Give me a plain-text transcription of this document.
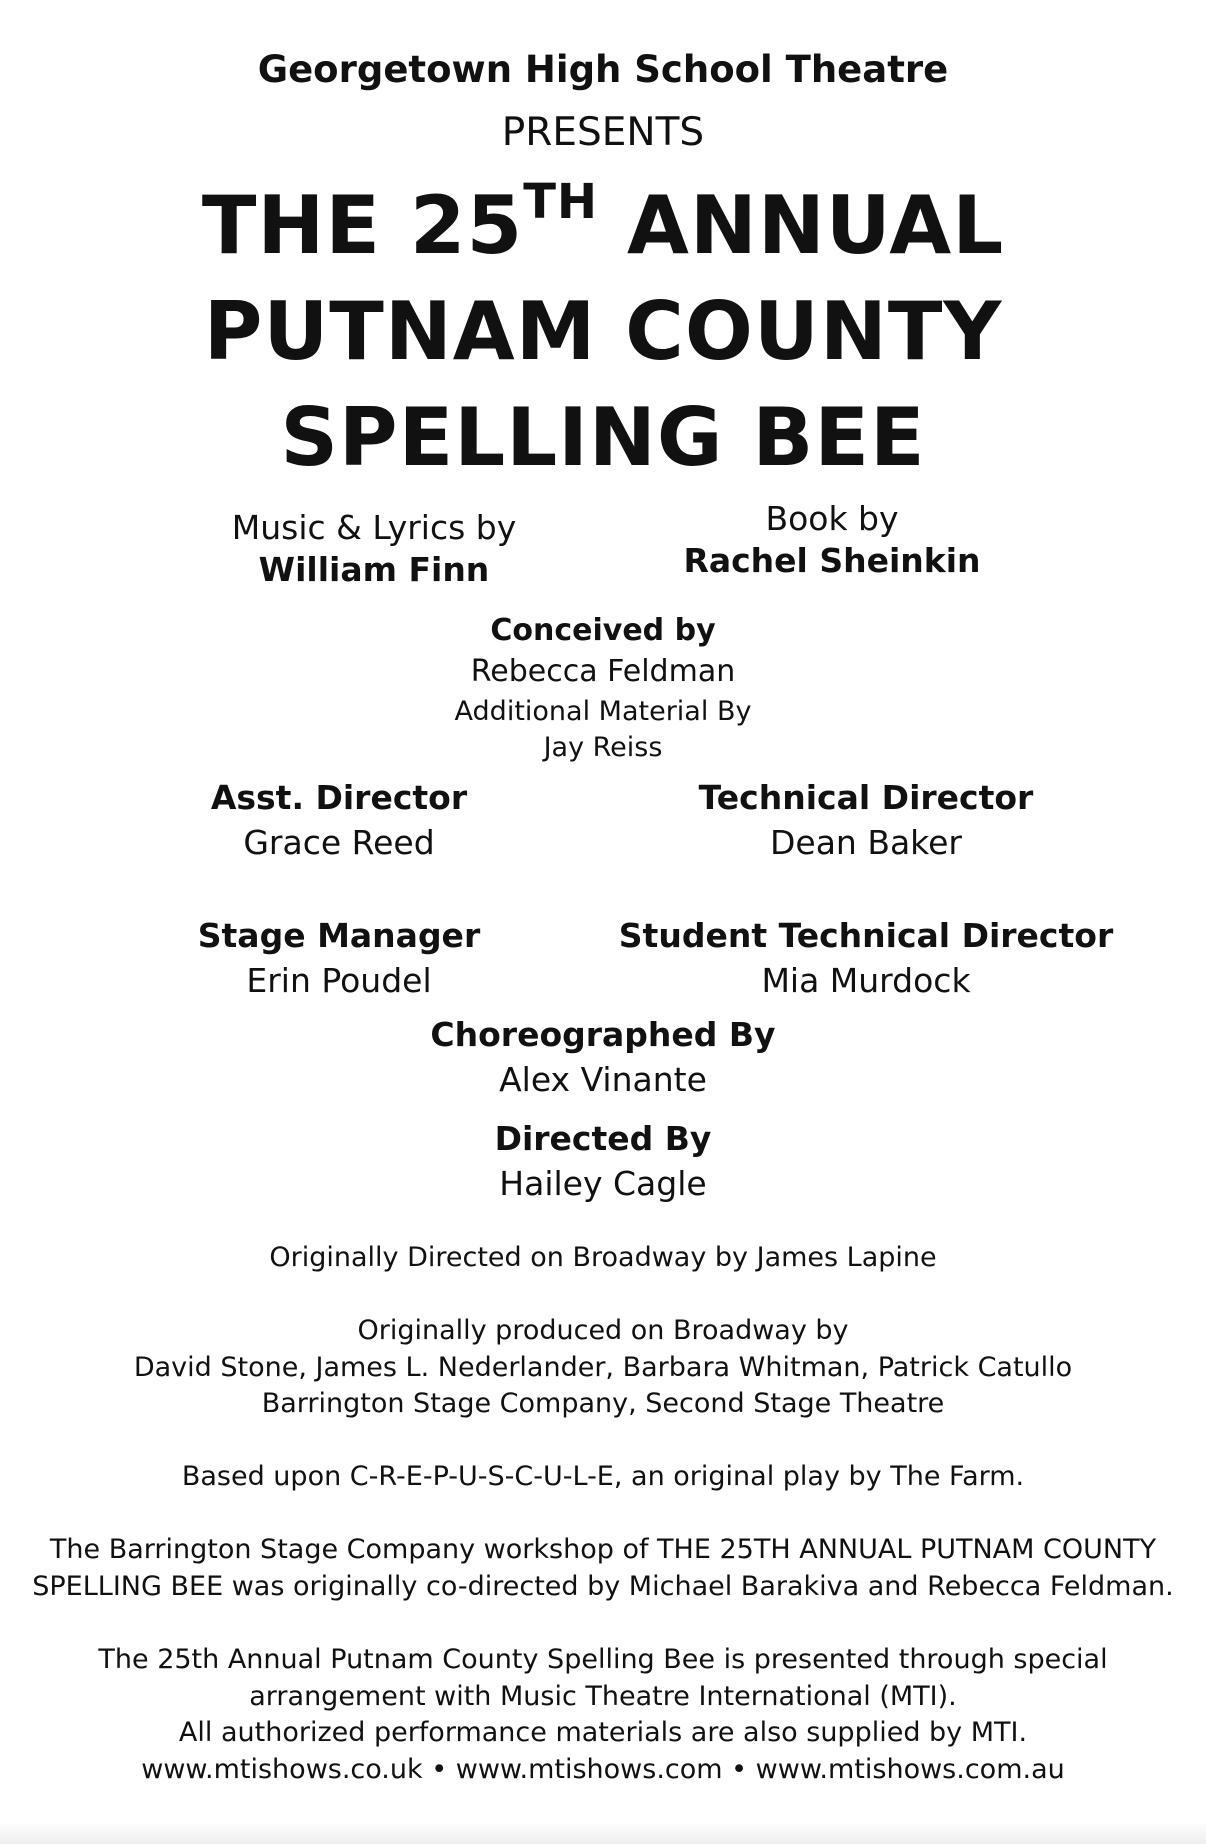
Georgetown High School Theatre
PRESENTS
THE 25TH ANNUAL
PUTNAM COUNTY
SPELLING BEE
Music & Lyrics by
William Finn
Book by
Rachel Sheinkin
Conceived by
Rebecca Feldman
Additional Material By
Jay Reiss
Asst. Director
Grace Reed
Technical Director
Dean Baker
Stage Manager
Erin Poudel
Student Technical Director
Mia Murdock
Choreographed By
Alex Vinante
Directed By
Hailey Cagle
Originally Directed on Broadway by James Lapine
Originally produced on Broadway by
David Stone, James L. Nederlander, Barbara Whitman, Patrick Catullo
Barrington Stage Company, Second Stage Theatre
Based upon C-R-E-P-U-S-C-U-L-E, an original play by The Farm.
The Barrington Stage Company workshop of THE 25TH ANNUAL PUTNAM COUNTY
SPELLING BEE was originally co-directed by Michael Barakiva and Rebecca Feldman.
The 25th Annual Putnam County Spelling Bee is presented through special
arrangement with Music Theatre International (MTI).
All authorized performance materials are also supplied by MTI.
www.mtishows.co.uk • www.mtishows.com • www.mtishows.com.au
